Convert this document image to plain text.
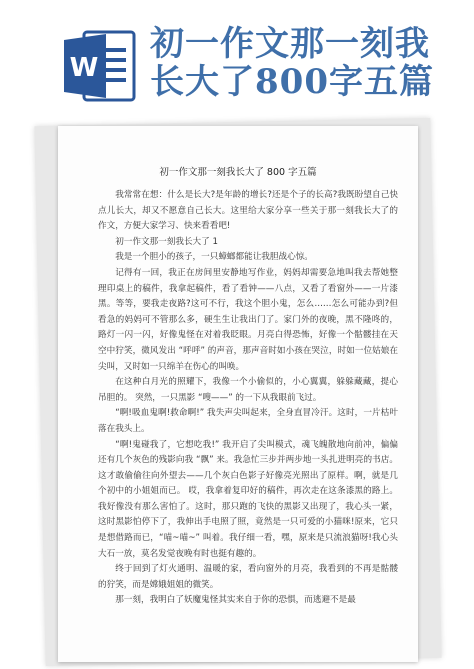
W
初一作文那一刻我
长大了800字五篇
初一作文那一刻我长大了 800 字五篇

我常常在想：什么是长大?是年龄的增长?还是个子的长高?我既盼望自己快点儿长大，却又不愿意自己长大。这里给大家分享一些关于那一刻我长大了的作文，方便大家学习、快来看看吧!

初一作文那一刻我长大了 1

我是一个胆小的孩子，一只蟑螂都能让我胆战心惊。

记得有一回，我正在房间里安静地写作业，妈妈却需要急地叫我去帮她整理印桌上的稿件，我拿起稿件，看了看钟——八点，又看了看窗外——一片漆黑。等等，要我走夜路?这可不行，我这个胆小鬼，怎么……怎么可能办到?但看急的妈妈可不管那么多，硬生生让我出门了。家门外的夜晚，黑不隆咚的，路灯一闪一闪，好像鬼怪在对着我眨眼。月亮白得恐怖，好像一个骷髅挂在天空中狞笑，微风发出 “呼呼” 的声音，那声音时如小孩在哭泣，时如一位姑娘在尖叫，又时如一只绵羊在伤心的叫唤。

在这种白月光的照耀下，我像一个小偷似的，小心翼翼，躲躲藏藏，提心吊胆的。 突然，一只黑影 “嗖——” 的一下从我眼前飞过。

“啊!吸血鬼啊!救命啊!” 我失声尖叫起来，全身直冒冷汗。这时，一片枯叶落在我头上。

“啊!鬼碰我了，它想吃我!” 我开启了尖叫模式，魂飞魄散地向前冲，偏偏还有几个灰色的残影向我 “飘” 来。我急忙三步并两步地一头扎进明亮的书店。这才敢偷偷往向外望去——几个灰白色影子好像亮光照出了原样。啊，就是几个初中的小姐姐而已。 哎，我拿着复印好的稿件，再次走在这条漆黑的路上。我好像没有那么害怕了。这时，那只跑的飞快的黑影又出现了，我心头一紧，这时黑影怕停下了，我伸出手电照了照，竟然是一只可爱的小猫咪!原来，它只是想借路而已，“喵~喵~” 叫着。我仔细一看，嘿，原来是只流浪猫呀!我心头大石一放，莫名发觉夜晚有时也挺有趣的。

终于回到了灯火通明、温暖的家，看向窗外的月亮，我看到的不再是骷髅的狞笑，而是嫦娥姐姐的微笑。

那一刻，我明白了妖魔鬼怪其实来自于你的恐惧，而逃避不是最
